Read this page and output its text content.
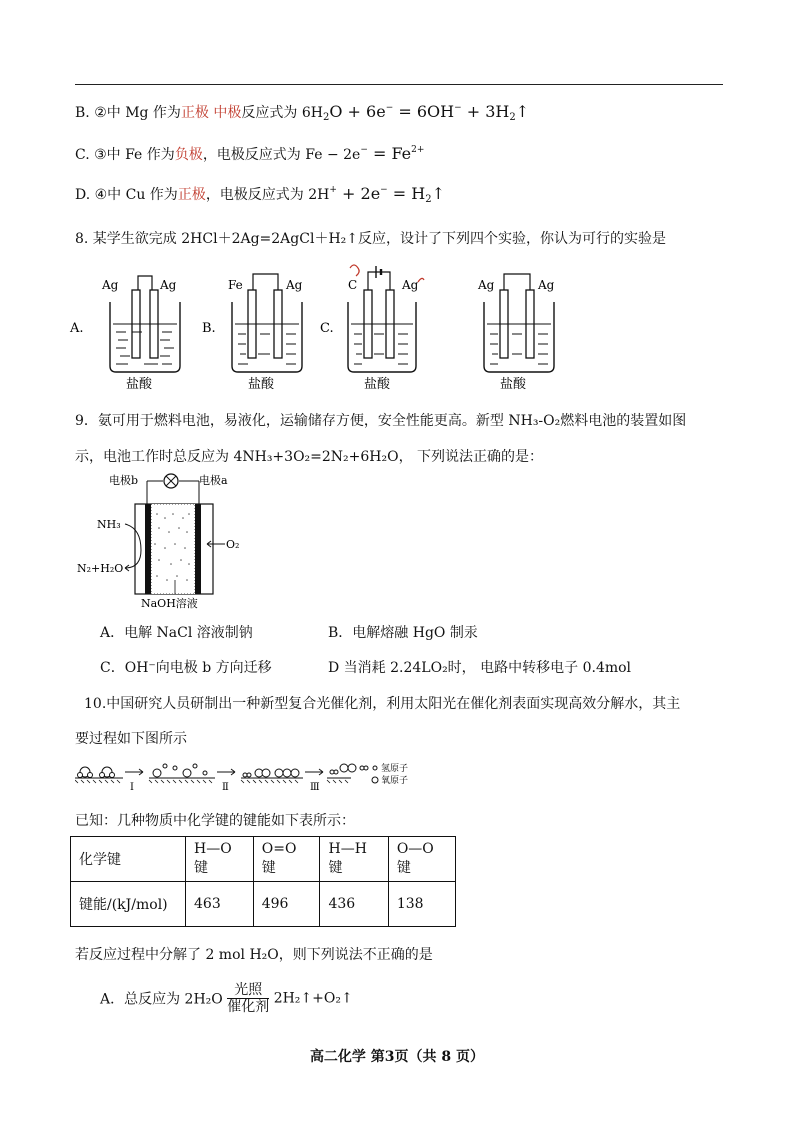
B. ②中 Mg 作为正极 中极反应式为 $6H_2O + 6e^- = 6OH^-$ + $3H_2↑$
C. ③中 Fe 作为负极，电极反应式为 $Fe - 2e^- = Fe^{2+}$
D. ④中 Cu 作为正极，电极反应式为 $2H^+ + 2e^- = H_2↑$
8. 某学生欲完成 2HCl＋2Ag=2AgCl＋H₂↑反应，设计了下列四个实验，你认为可行的实验是
A.
Ag	Ag
盐酸
B.
Fe	Ag
盐酸
C.
C	Ag
盐酸
Ag	Ag
盐酸
9．氨可用于燃料电池，易液化，运输储存方便，安全性能更高。新型 NH₃-O₂燃料电池的装置如图
示，电池工作时总反应为 4NH₃+3O₂=2N₂+6H₂O， 下列说法正确的是：
电极b	电极a
NH₃
N₂+H₂O
O₂
NaOH溶液
A．电解 NaCl 溶液制钠	B．电解熔融 HgO 制汞
C．OH⁻向电极 b 方向迁移	D 当消耗 2.24LO₂时， 电路中转移电子 0.4mol
10.中国研究人员研制出一种新型复合光催化剂，利用太阳光在催化剂表面实现高效分解水，其主
要过程如下图所示
Ⅰ	Ⅱ	Ⅲ
氢原子
氧原子
已知：几种物质中化学键的键能如下表所示：
化学键	H—O 键	O=O 键	H—H 键	O—O 键
键能/(kJ/mol)	463	496	436	138
若反应过程中分解了 2 mol H₂O，则下列说法不正确的是
A．总反应为 $2H_2O \frac{\text{光照}}{\text{催化剂}}$ 2H₂↑+O₂↑
高二化学 第3页（共 8 页）
